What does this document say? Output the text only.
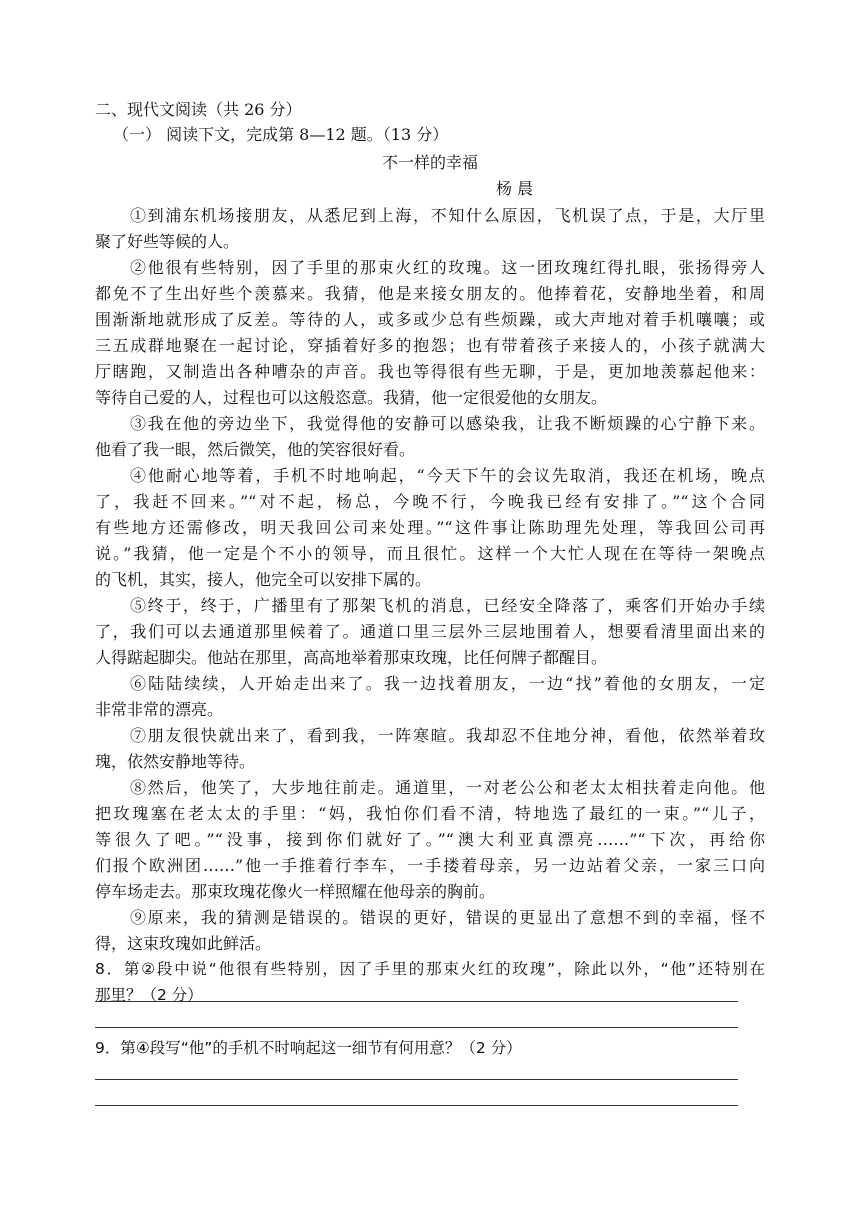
二、现代文阅读（共 26 分）
（一） 阅读下文，完成第 8—12 题。（13 分）
不一样的幸福
杨 晨
①到浦东机场接朋友，从悉尼到上海，不知什么原因，飞机误了点，于是，大厅里
聚了好些等候的人。
②他很有些特别，因了手里的那束火红的玫瑰。这一团玫瑰红得扎眼，张扬得旁人
都免不了生出好些个羡慕来。我猜，他是来接女朋友的。他捧着花，安静地坐着，和周
围渐渐地就形成了反差。等待的人，或多或少总有些烦躁，或大声地对着手机嚷嚷；或
三五成群地聚在一起讨论，穿插着好多的抱怨；也有带着孩子来接人的，小孩子就满大
厅瞎跑，又制造出各种嘈杂的声音。我也等得很有些无聊，于是，更加地羡慕起他来：
等待自己爱的人，过程也可以这般恣意。我猜，他一定很爱他的女朋友。
③我在他的旁边坐下，我觉得他的安静可以感染我，让我不断烦躁的心宁静下来。
他看了我一眼，然后微笑，他的笑容很好看。
④他耐心地等着，手机不时地响起，“今天下午的会议先取消，我还在机场，晚点
了，我赶不回来。”“对不起，杨总，今晚不行，今晚我已经有安排了。”“这个合同
有些地方还需修改，明天我回公司来处理。”“这件事让陈助理先处理，等我回公司再
说。”我猜，他一定是个不小的领导，而且很忙。这样一个大忙人现在在等待一架晚点
的飞机，其实，接人，他完全可以安排下属的。
⑤终于，终于，广播里有了那架飞机的消息，已经安全降落了，乘客们开始办手续
了，我们可以去通道那里候着了。通道口里三层外三层地围着人，想要看清里面出来的
人得踮起脚尖。他站在那里，高高地举着那束玫瑰，比任何牌子都醒目。
⑥陆陆续续，人开始走出来了。我一边找着朋友，一边“找”着他的女朋友，一定
非常非常的漂亮。
⑦朋友很快就出来了，看到我，一阵寒暄。我却忍不住地分神，看他，依然举着玫
瑰，依然安静地等待。
⑧然后，他笑了，大步地往前走。通道里，一对老公公和老太太相扶着走向他。他
把玫瑰塞在老太太的手里：“妈，我怕你们看不清，特地选了最红的一束。”“儿子，
等很久了吧。”“没事，接到你们就好了。”“澳大利亚真漂亮……”“下次，再给你
们报个欧洲团……”他一手推着行李车，一手搂着母亲，另一边站着父亲，一家三口向
停车场走去。那束玫瑰花像火一样照耀在他母亲的胸前。
⑨原来，我的猜测是错误的。错误的更好，错误的更显出了意想不到的幸福，怪不
得，这束玫瑰如此鲜活。
8．第②段中说“他很有些特别，因了手里的那束火红的玫瑰”，除此以外，“他”还特别在
那里？（2 分）
9．第④段写“他”的手机不时响起这一细节有何用意？（2 分）
